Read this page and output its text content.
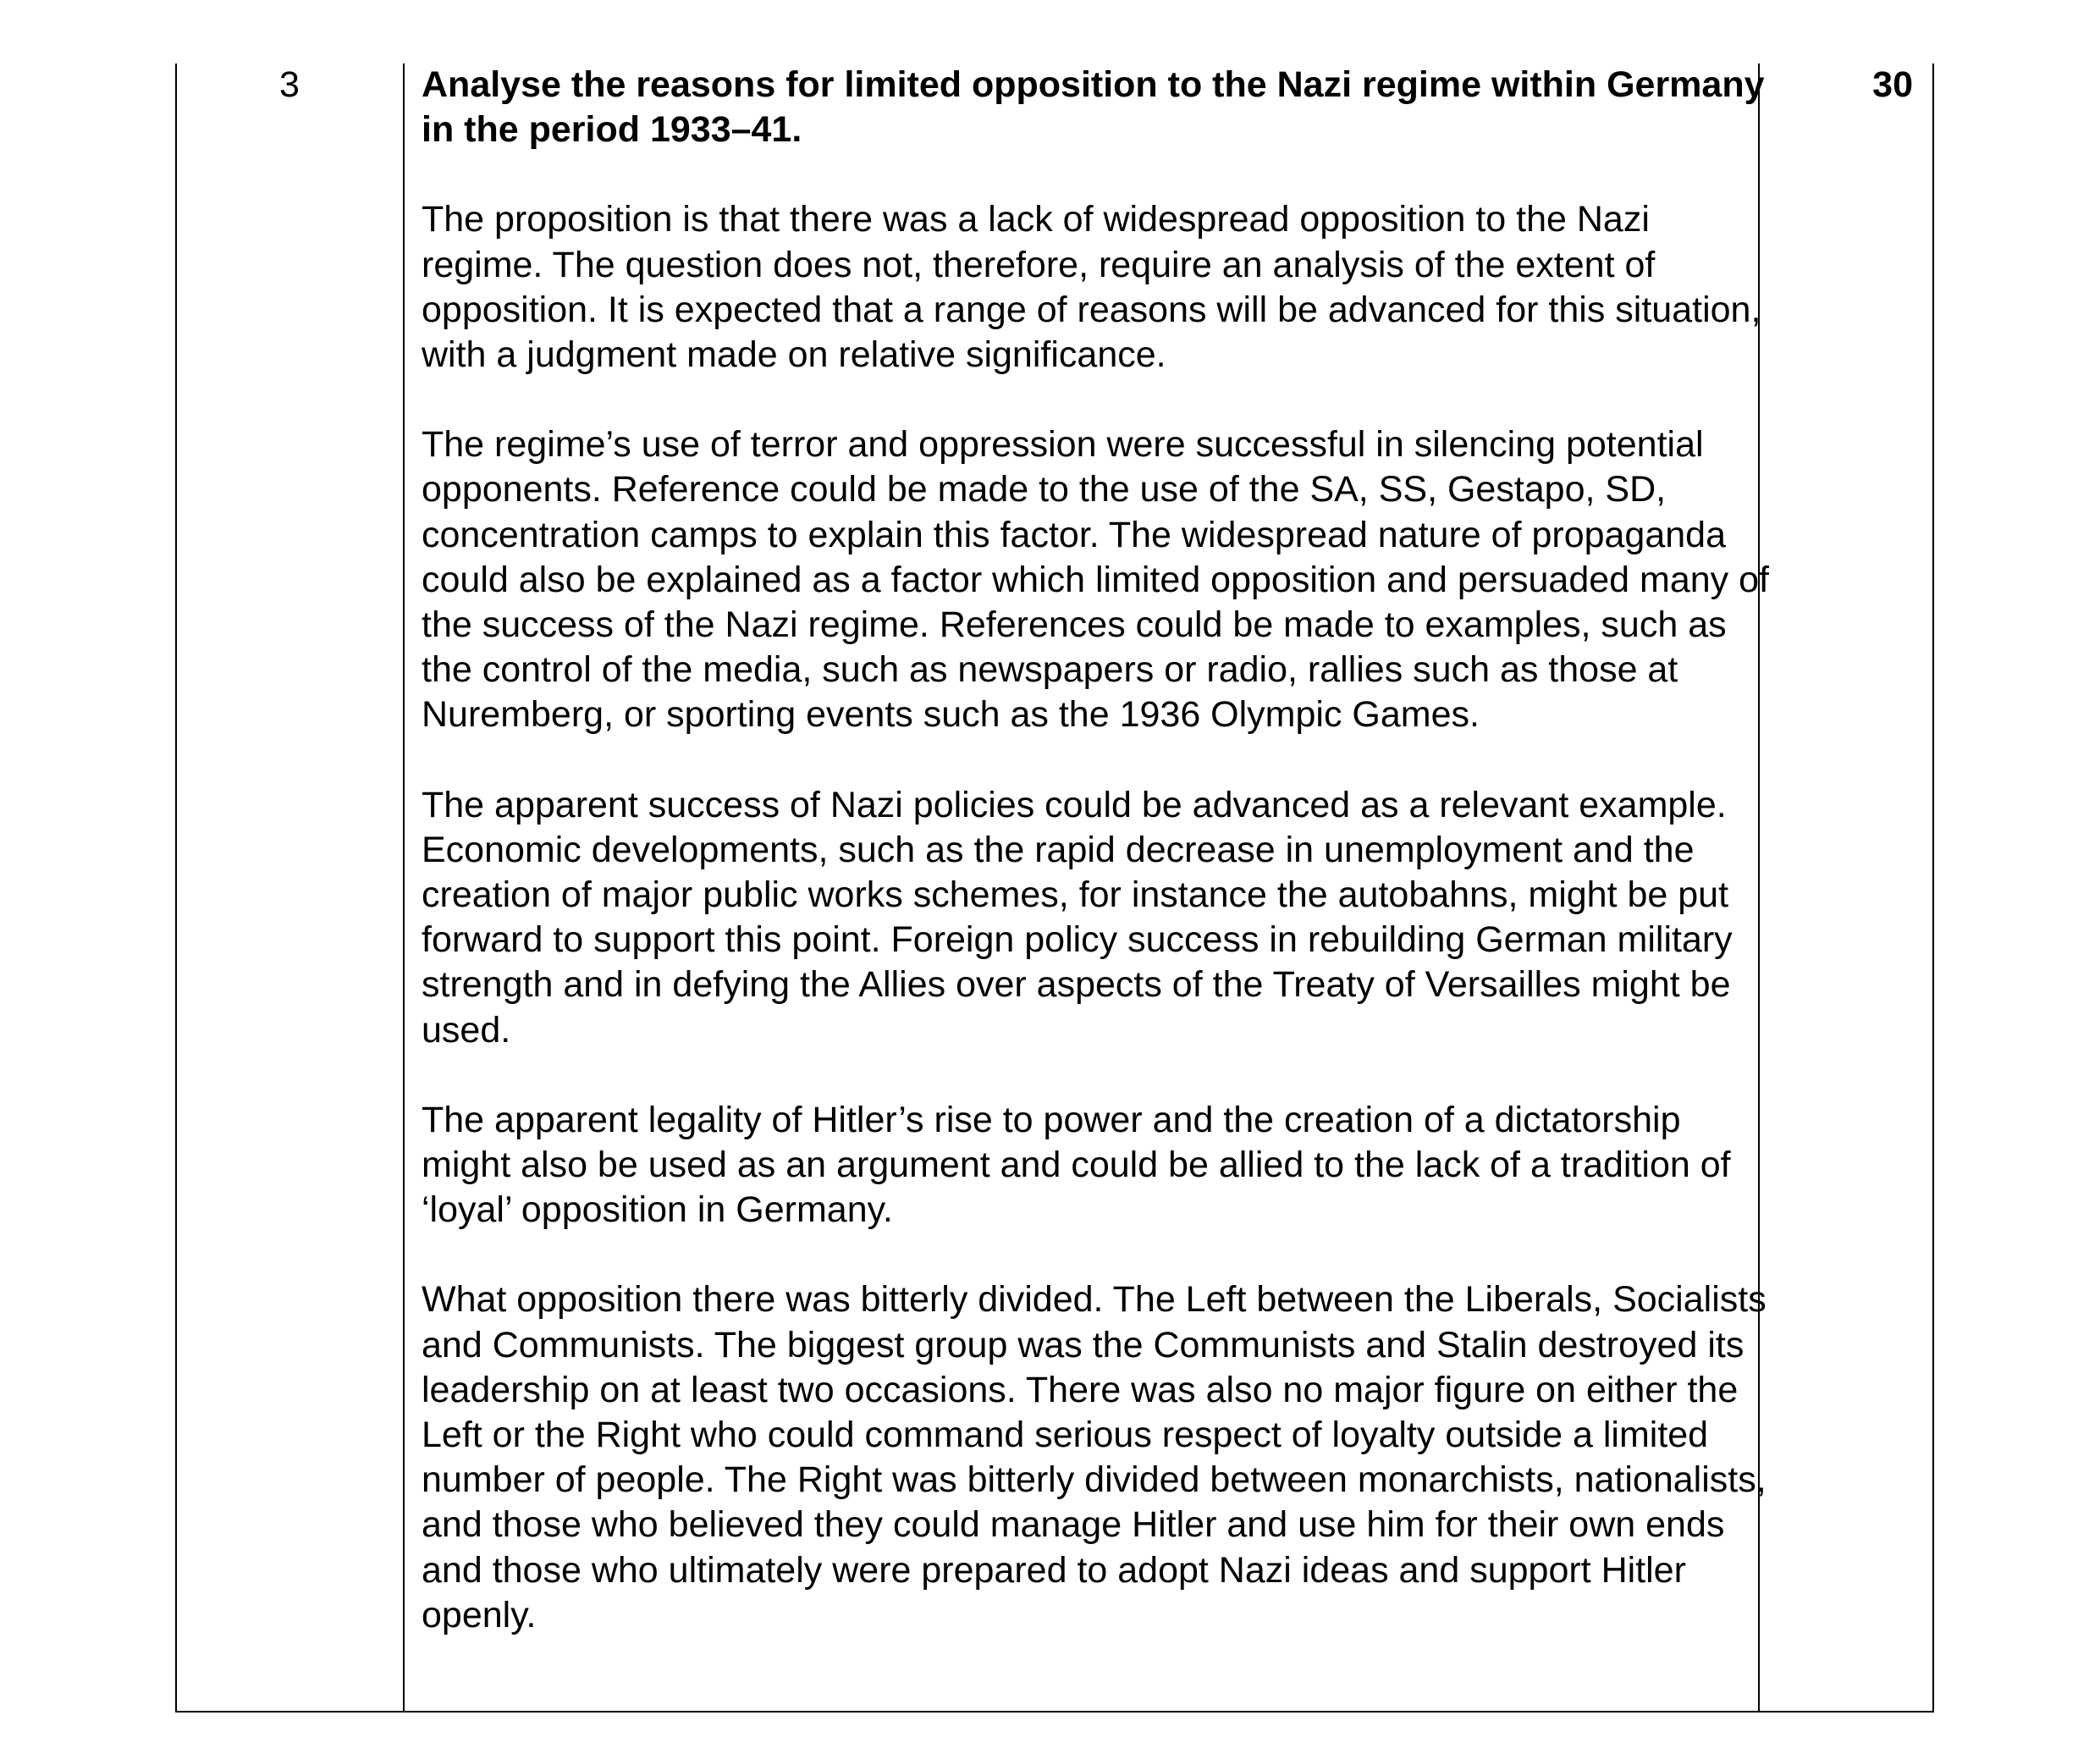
3	Analyse the reasons for limited opposition to the Nazi regime within Germany in the period 1933–41.

The proposition is that there was a lack of widespread opposition to the Nazi regime. The question does not, therefore, require an analysis of the extent of opposition. It is expected that a range of reasons will be advanced for this situation, with a judgment made on relative significance.

The regime’s use of terror and oppression were successful in silencing potential opponents. Reference could be made to the use of the SA, SS, Gestapo, SD, concentration camps to explain this factor. The widespread nature of propaganda could also be explained as a factor which limited opposition and persuaded many of the success of the Nazi regime. References could be made to examples, such as the control of the media, such as newspapers or radio, rallies such as those at Nuremberg, or sporting events such as the 1936 Olympic Games.

The apparent success of Nazi policies could be advanced as a relevant example. Economic developments, such as the rapid decrease in unemployment and the creation of major public works schemes, for instance the autobahns, might be put forward to support this point. Foreign policy success in rebuilding German military strength and in defying the Allies over aspects of the Treaty of Versailles might be used.

The apparent legality of Hitler’s rise to power and the creation of a dictatorship might also be used as an argument and could be allied to the lack of a tradition of ‘loyal’ opposition in Germany.

What opposition there was bitterly divided. The Left between the Liberals, Socialists and Communists. The biggest group was the Communists and Stalin destroyed its leadership on at least two occasions. There was also no major figure on either the Left or the Right who could command serious respect of loyalty outside a limited number of people. The Right was bitterly divided between monarchists, nationalists, and those who believed they could manage Hitler and use him for their own ends and those who ultimately were prepared to adopt Nazi ideas and support Hitler openly.

30
